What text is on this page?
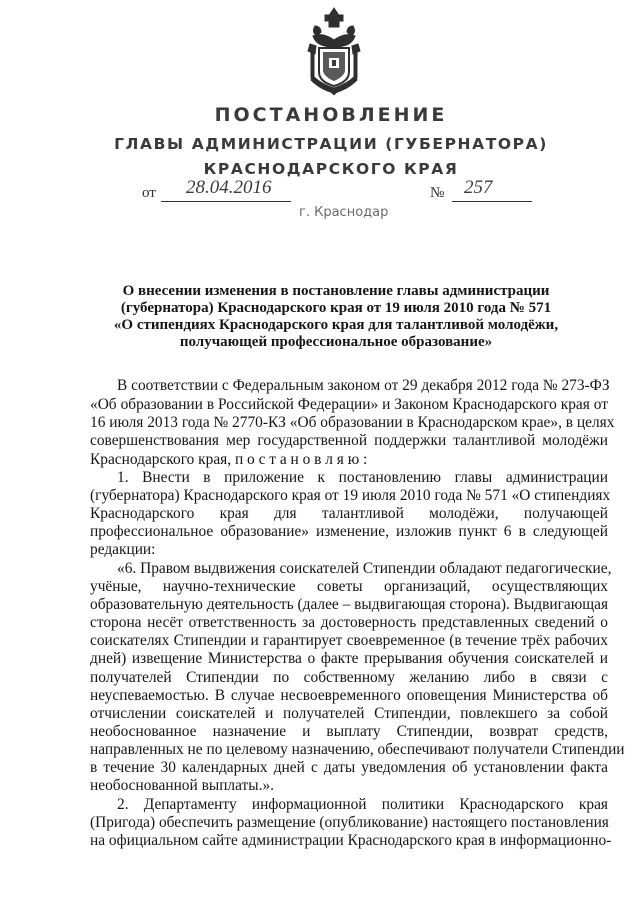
ПОСТАНОВЛЕНИЕ
ГЛАВЫ АДМИНИСТРАЦИИ (ГУБЕРНАТОРА)
КРАСНОДАРСКОГО КРАЯ
от 28.04.2016	№ 257
г. Краснодар
О внесении изменения в постановление главы администрации
(губернатора) Краснодарского края от 19 июля 2010 года № 571
«О стипендиях Краснодарского края для талантливой молодёжи,
получающей профессиональное образование»
В соответствии с Федеральным законом от 29 декабря 2012 года № 273-ФЗ
«Об образовании в Российской Федерации» и Законом Краснодарского края от
16 июля 2013 года № 2770-КЗ «Об образовании в Краснодарском крае», в целях
совершенствования мер государственной поддержки талантливой молодёжи
Краснодарского края, п о с т а н о в л я ю :
1. Внести в приложение к постановлению главы администрации
(губернатора) Краснодарского края от 19 июля 2010 года № 571 «О стипендиях
Краснодарского края для талантливой молодёжи, получающей
профессиональное образование» изменение, изложив пункт 6 в следующей
редакции:
«6. Правом выдвижения соискателей Стипендии обладают педагогические,
учёные, научно-технические советы организаций, осуществляющих
образовательную деятельность (далее – выдвигающая сторона). Выдвигающая
сторона несёт ответственность за достоверность представленных сведений о
соискателях Стипендии и гарантирует своевременное (в течение трёх рабочих
дней) извещение Министерства о факте прерывания обучения соискателей и
получателей Стипендии по собственному желанию либо в связи с
неуспеваемостью. В случае несвоевременного оповещения Министерства об
отчислении соискателей и получателей Стипендии, повлекшего за собой
необоснованное назначение и выплату Стипендии, возврат средств,
направленных не по целевому назначению, обеспечивают получатели Стипендии
в течение 30 календарных дней с даты уведомления об установлении факта
необоснованной выплаты.».
2. Департаменту информационной политики Краснодарского края
(Пригода) обеспечить размещение (опубликование) настоящего постановления
на официальном сайте администрации Краснодарского края в информационно-
